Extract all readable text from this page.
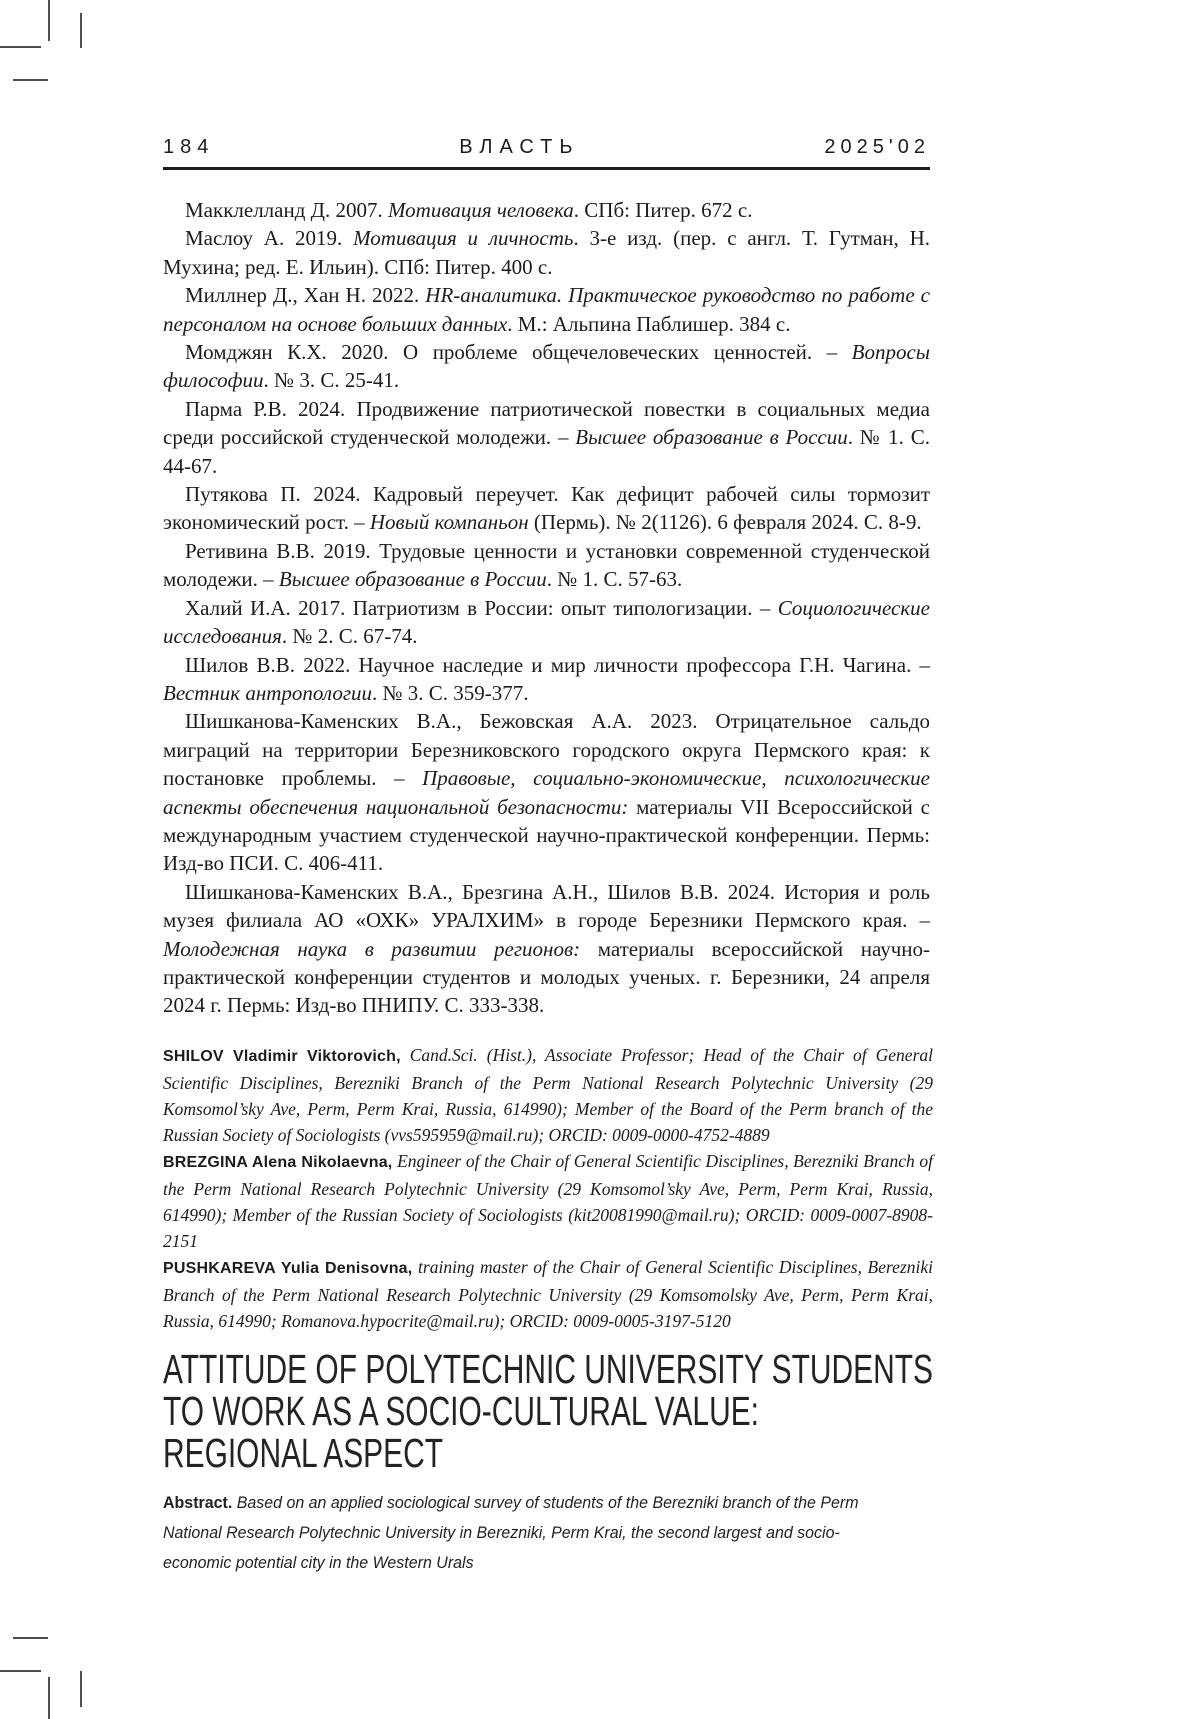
184	ВЛАСТЬ	2025'02

Макклелланд Д. 2007. Мотивация человека. СПб: Питер. 672 с.

Маслоу А. 2019. Мотивация и личность. 3-е изд. (пер. с англ. Т. Гутман, Н. Мухина; ред. Е. Ильин). СПб: Питер. 400 с.

Миллнер Д., Хан Н. 2022. HR-аналитика. Практическое руководство по работе с персоналом на основе больших данных. М.: Альпина Паблишер. 384 с.

Момджян К.Х. 2020. О проблеме общечеловеческих ценностей. – Вопросы философии. № 3. С. 25-41.

Парма Р.В. 2024. Продвижение патриотической повестки в социальных медиа среди российской студенческой молодежи. – Высшее образование в России. № 1. С. 44-67.

Путякова П. 2024. Кадровый переучет. Как дефицит рабочей силы тормозит экономический рост. – Новый компаньон (Пермь). № 2(1126). 6 февраля 2024. С. 8-9.

Ретивина В.В. 2019. Трудовые ценности и установки современной студенческой молодежи. – Высшее образование в России. № 1. С. 57-63.

Халий И.А. 2017. Патриотизм в России: опыт типологизации. – Социологические исследования. № 2. С. 67-74.

Шилов В.В. 2022. Научное наследие и мир личности профессора Г.Н. Чагина. – Вестник антропологии. № 3. С. 359-377.

Шишканова-Каменских В.А., Бежовская А.А. 2023. Отрицательное сальдо миграций на территории Березниковского городского округа Пермского края: к постановке проблемы. – Правовые, социально-экономические, психологические аспекты обеспечения национальной безопасности: материалы VII Всероссийской с международным участием студенческой научно-практической конференции. Пермь: Изд-во ПСИ. С. 406-411.

Шишканова-Каменских В.А., Брезгина А.Н., Шилов В.В. 2024. История и роль музея филиала АО «ОХК» УРАЛХИМ» в городе Березники Пермского края. – Молодежная наука в развитии регионов: материалы всероссийской научно-практической конференции студентов и молодых ученых. г. Березники, 24 апреля 2024 г. Пермь: Изд-во ПНИПУ. С. 333-338.

SHILOV Vladimir Viktorovich, Cand.Sci. (Hist.), Associate Professor; Head of the Chair of General Scientific Disciplines, Berezniki Branch of the Perm National Research Polytechnic University (29 Komsomol’sky Ave, Perm, Perm Krai, Russia, 614990); Member of the Board of the Perm branch of the Russian Society of Sociologists (vvs595959@mail.ru); ORCID: 0009-0000-4752-4889

BREZGINA Alena Nikolaevna, Engineer of the Chair of General Scientific Disciplines, Berezniki Branch of the Perm National Research Polytechnic University (29 Komsomol’sky Ave, Perm, Perm Krai, Russia, 614990); Member of the Russian Society of Sociologists (kit20081990@mail.ru); ORCID: 0009-0007-8908-2151

PUSHKAREVA Yulia Denisovna, training master of the Chair of General Scientific Disciplines, Berezniki Branch of the Perm National Research Polytechnic University (29 Komsomolsky Ave, Perm, Perm Krai, Russia, 614990; Romanova.hypocrite@mail.ru); ORCID: 0009-0005-3197-5120

ATTITUDE OF POLYTECHNIC UNIVERSITY STUDENTS
TO WORK AS A SOCIO-CULTURAL VALUE:
REGIONAL ASPECT
Abstract. Based on an applied sociological survey of students of the Berezniki branch of the Perm National Research Polytechnic University in Berezniki, Perm Krai, the second largest and socio-economic potential city in the Western Urals
